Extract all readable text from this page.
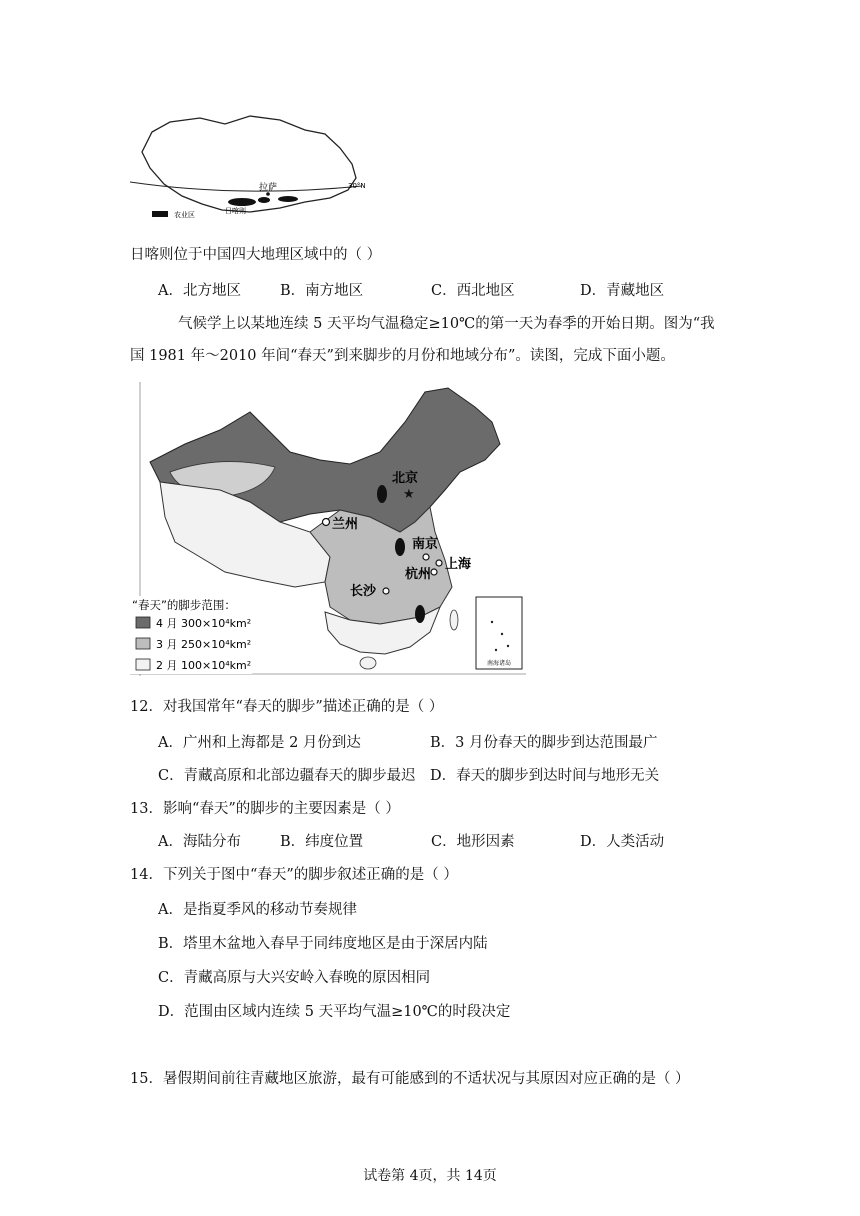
拉萨
日喀则
30°N
农业区
日喀则位于中国四大地理区域中的（ ）
A．北方地区	B．南方地区	C．西北地区	D．青藏地区
气候学上以某地连续 5 天平均气温稳定≥10℃的第一天为春季的开始日期。图为“我
国 1981 年～2010 年间“春天”到来脚步的月份和地域分布”。读图，完成下面小题。
★
北京
兰州
南京
上海
杭州
长沙
南海诸岛
“春天”的脚步范围：
4 月 300×10⁴km²
3 月 250×10⁴km²
2 月 100×10⁴km²
12．对我国常年“春天的脚步”描述正确的是（ ）
A．广州和上海都是 2 月份到达	B．3 月份春天的脚步到达范围最广
C．青藏高原和北部边疆春天的脚步最迟 D．春天的脚步到达时间与地形无关
13．影响“春天”的脚步的主要因素是（ ）
A．海陆分布	B．纬度位置	C．地形因素	D．人类活动
14．下列关于图中“春天”的脚步叙述正确的是（ ）
A．是指夏季风的移动节奏规律
B．塔里木盆地入春早于同纬度地区是由于深居内陆
C．青藏高原与大兴安岭入春晚的原因相同
D．范围由区域内连续 5 天平均气温≥10℃的时段决定
15．暑假期间前往青藏地区旅游，最有可能感到的不适状况与其原因对应正确的是（ ）
试卷第 4页，共 14页
